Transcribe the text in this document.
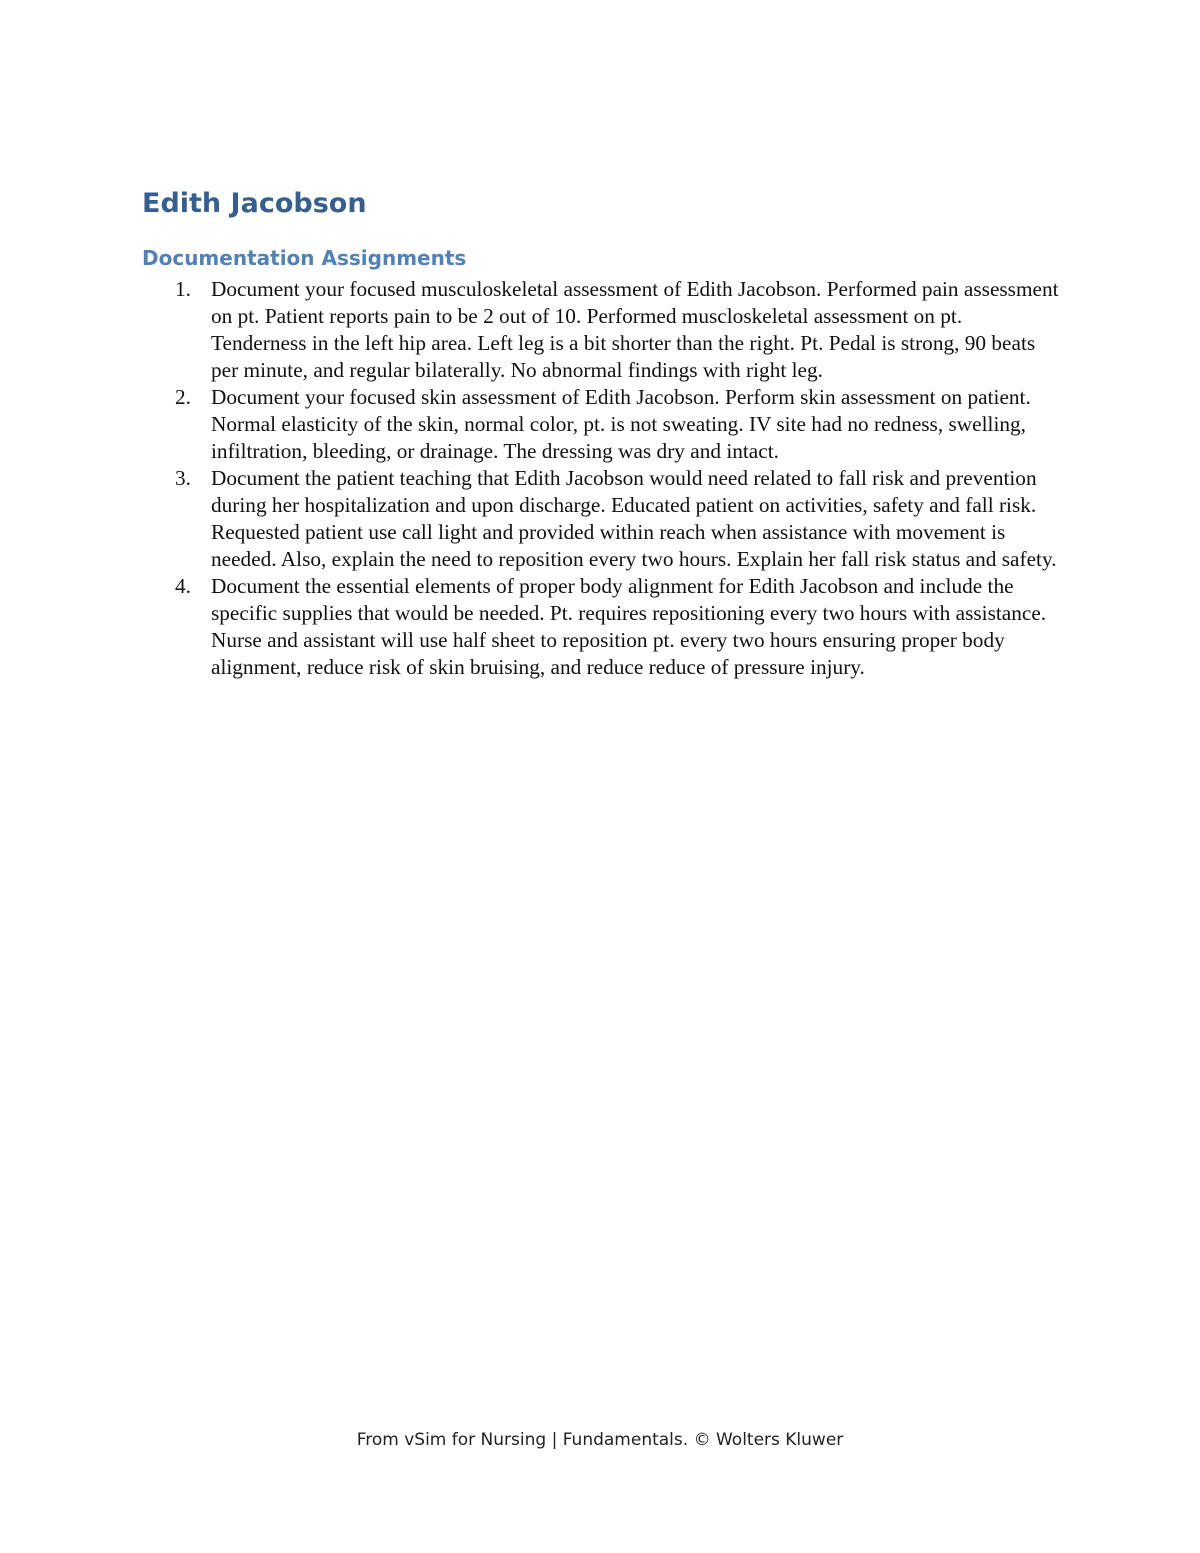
Edith Jacobson
Documentation Assignments
1. Document your focused musculoskeletal assessment of Edith Jacobson. Performed pain assessment on pt. Patient reports pain to be 2 out of 10. Performed muscloskeletal assessment on pt. Tenderness in the left hip area. Left leg is a bit shorter than the right. Pt. Pedal is strong, 90 beats per minute, and regular bilaterally. No abnormal findings with right leg.
2. Document your focused skin assessment of Edith Jacobson. Perform skin assessment on patient. Normal elasticity of the skin, normal color, pt. is not sweating. IV site had no redness, swelling, infiltration, bleeding, or drainage. The dressing was dry and intact.
3. Document the patient teaching that Edith Jacobson would need related to fall risk and prevention during her hospitalization and upon discharge. Educated patient on activities, safety and fall risk. Requested patient use call light and provided within reach when assistance with movement is needed. Also, explain the need to reposition every two hours. Explain her fall risk status and safety.
4. Document the essential elements of proper body alignment for Edith Jacobson and include the specific supplies that would be needed. Pt. requires repositioning every two hours with assistance. Nurse and assistant will use half sheet to reposition pt. every two hours ensuring proper body alignment, reduce risk of skin bruising, and reduce reduce of pressure injury.
From vSim for Nursing | Fundamentals. © Wolters Kluwer
